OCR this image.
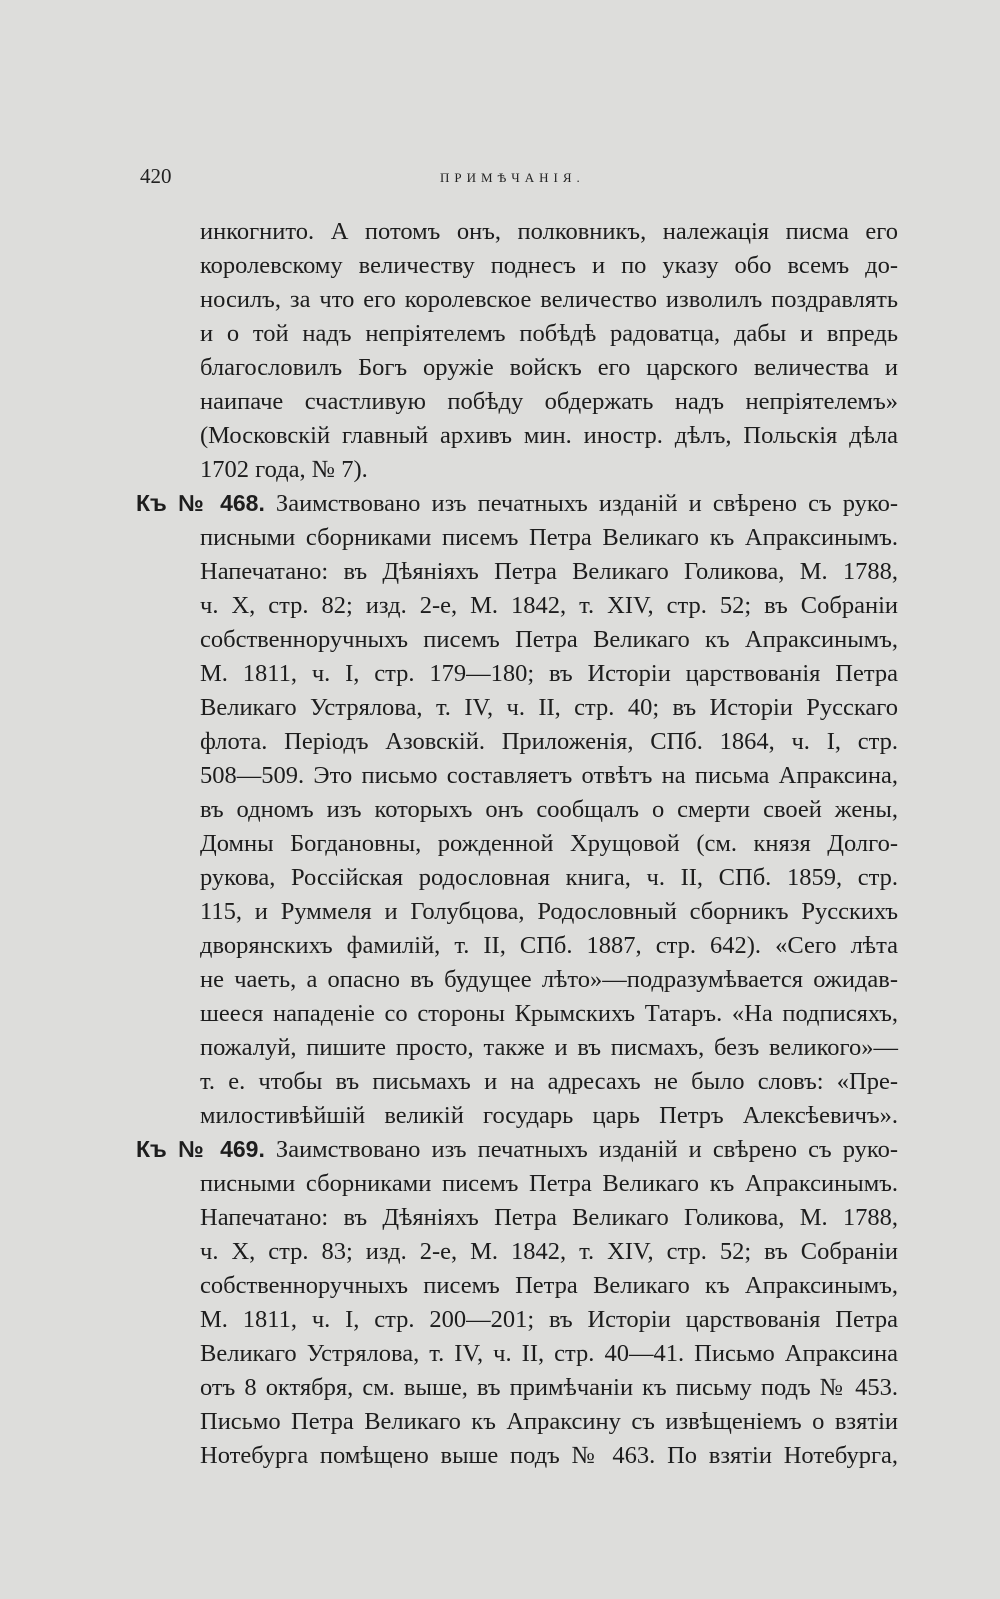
420	ПРИМѢЧАНІЯ.
инкогнито. А потомъ онъ, полковникъ, належація писма его
королевскому величеству поднесъ и по указу обо всемъ до-
носилъ, за что его королевское величество изволилъ поздравлять
и о той надъ непріятелемъ побѣдѣ радоватца, дабы и впредь
благословилъ Богъ оружіе войскъ его царского величества и
наипаче счастливую побѣду обдержать надъ непріятелемъ»
(Московскій главный архивъ мин. иностр. дѣлъ, Польскія дѣла
1702 года, № 7).
Къ № 468. Заимствовано изъ печатныхъ изданій и свѣрено съ руко-
писными сборниками писемъ Петра Великаго къ Апраксинымъ.
Напечатано: въ Дѣяніяхъ Петра Великаго Голикова, М. 1788,
ч. X, стр. 82; изд. 2-е, М. 1842, т. XIV, стр. 52; въ Собраніи
собственноручныхъ писемъ Петра Великаго къ Апраксинымъ,
М. 1811, ч. I, стр. 179—180; въ Исторіи царствованія Петра
Великаго Устрялова, т. IV, ч. II, стр. 40; въ Исторіи Русскаго
флота. Періодъ Азовскій. Приложенія, СПб. 1864, ч. I, стр.
508—509. Это письмо составляетъ отвѣтъ на письма Апраксина,
въ одномъ изъ которыхъ онъ сообщалъ о смерти своей жены,
Домны Богдановны, рожденной Хрущовой (см. князя Долго-
рукова, Россійская родословная книга, ч. II, СПб. 1859, стр.
115, и Руммеля и Голубцова, Родословный сборникъ Русскихъ
дворянскихъ фамилій, т. II, СПб. 1887, стр. 642). «Сего лѣта
не чаеть, а опасно въ будущее лѣто»—подразумѣвается ожидав-
шееся нападеніе со стороны Крымскихъ Татаръ. «На подписяхъ,
пожалуй, пишите просто, также и въ писмахъ, безъ великого»—
т. е. чтобы въ письмахъ и на адресахъ не было словъ: «Пре-
милостивѣйшій великій государь царь Петръ Алексѣевичъ».
Къ № 469. Заимствовано изъ печатныхъ изданій и свѣрено съ руко-
писными сборниками писемъ Петра Великаго къ Апраксинымъ.
Напечатано: въ Дѣяніяхъ Петра Великаго Голикова, М. 1788,
ч. X, стр. 83; изд. 2-е, М. 1842, т. XIV, стр. 52; въ Собраніи
собственноручныхъ писемъ Петра Великаго къ Апраксинымъ,
М. 1811, ч. I, стр. 200—201; въ Исторіи царствованія Петра
Великаго Устрялова, т. IV, ч. II, стр. 40—41. Письмо Апраксина
отъ 8 октября, см. выше, въ примѣчаніи къ письму подъ № 453.
Письмо Петра Великаго къ Апраксину съ извѣщеніемъ о взятіи
Нотебурга помѣщено выше подъ № 463. По взятіи Нотебурга,
